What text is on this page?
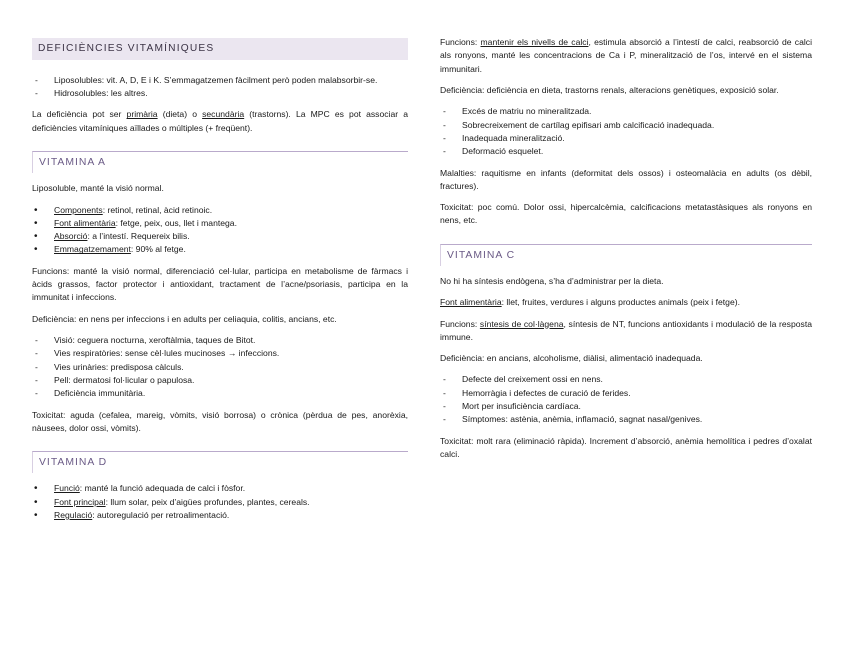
DEFICIÈNCIES VITAMÍNIQUES
- Liposolubles: vit. A, D, E i K. S’emmagatzemen fàcilment però poden malabsorbir-se.
- Hidrosolubles: les altres.

La deficiència pot ser primària (dieta) o secundària (trastorns). La MPC es pot associar a deficiències vitamíniques aïllades o múltiples (+ freqüent).

VITAMINA A

Liposoluble, manté la visió normal.

• Components: retinol, retinal, àcid retinoic.
• Font alimentària: fetge, peix, ous, llet i mantega.
• Absorció: a l’intestí. Requereix bilis.
• Emmagatzemament: 90% al fetge.

Funcions: manté la visió normal, diferenciació cel·lular, participa en metabolisme de fàrmacs i àcids grassos, factor protector i antioxidant, tractament de l’acne/psoriasis, participa en la immunitat i infeccions.

Deficiència: en nens per infeccions i en adults per celiaquia, colitis, ancians, etc.

- Visió: ceguera nocturna, xeroftàlmia, taques de Bitot.
- Vies respiratòries: sense cèl·lules mucinoses → infeccions.
- Vies urinàries: predisposa càlculs.
- Pell: dermatosi fol·licular o papulosa.
- Deficiència immunitària.

Toxicitat: aguda (cefalea, mareig, vòmits, visió borrosa) o crònica (pèrdua de pes, anorèxia, nàusees, dolor ossi, vòmits).

VITAMINA D
• Funció: manté la funció adequada de calci i fòsfor.
• Font principal: llum solar, peix d’aigües profundes, plantes, cereals.
• Regulació: autoregulació per retroalimentació.

Funcions: mantenir els nivells de calci, estimula absorció a l’intestí de calci, reabsorció de calci als ronyons, manté les concentracions de Ca i P, mineralització de l’os, intervé en el sistema immunitari.

Deficiència: deficiència en dieta, trastorns renals, alteracions genètiques, exposició solar.

- Excés de matriu no mineralitzada.
- Sobrecreixement de cartílag epifisari amb calcificació inadequada.
- Inadequada mineralització.
- Deformació esquelet.

Malalties: raquitisme en infants (deformitat dels ossos) i osteomalàcia en adults (os dèbil, fractures).

Toxicitat: poc comú. Dolor ossi, hipercalcèmia, calcificacions metatastàsiques als ronyons en nens, etc.

VITAMINA C

No hi ha síntesis endògena, s’ha d’administrar per la dieta.

Font alimentària: llet, fruites, verdures i alguns productes animals (peix i fetge).

Funcions: síntesis de col·làgena, síntesis de NT, funcions antioxidants i modulació de la resposta immune.

Deficiència: en ancians, alcoholisme, diàlisi, alimentació inadequada.

- Defecte del creixement ossi en nens.
- Hemorràgia i defectes de curació de ferides.
- Mort per insuficiència cardíaca.
- Símptomes: astènia, anèmia, inflamació, sagnat nasal/genives.

Toxicitat: molt rara (eliminació ràpida). Increment d’absorció, anèmia hemolítica i pedres d’oxalat calci.
